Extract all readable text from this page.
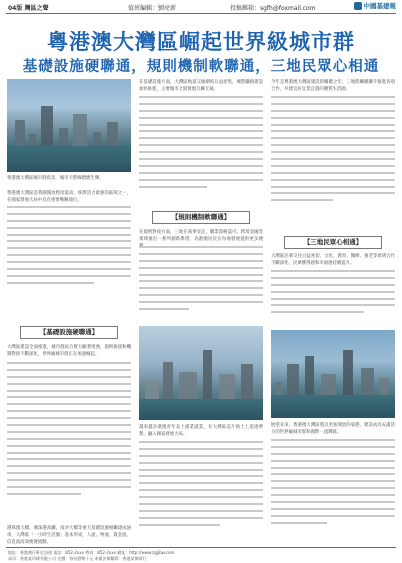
04版 灣區之聲	值班編輯：劉亮新	投稿郵箱：sgfh@foxmail.com	中國基建報
粵港澳大灣區崛起世界級城市群
基礎設施硬聯通，規則機制軟聯通，三地民眾心相通
粵港澳大灣區城市群夜景，城市天際線熠熠生輝。
粵港澳大灣區是我國開放程度最高、經濟活力最強的區域之一，在國家發展大局中具有重要戰略地位。
【基礎設施硬聯通】
大灣區建設全面推進，城市群綜合實力顯著增強，規則銜接和機制對接不斷深化，世界級城市群正在加速崛起。
港珠澳大橋、廣深港高鐵、南沙大橋等重大基礎設施相繼建成通車，大灣區「一小時生活圈」基本形成，人流、物流、資金流、信息流高效便捷流動。
在基礎設施方面，大灣區軌道交通網絡日益密集，城際鐵路建設加快推進，主要城市之間實現互聯互通。
【規則機制軟聯通】
在規則對接方面，三地在商事登記、職業資格認可、跨境金融等領域推出一系列創新舉措，為港澳居民在內地發展提供更多便
越來越多港澳青年北上創業就業，在大灣區這片熱土上追逐夢想，融入國家發展大局。
今年是粵港澳大灣區建設的關鍵之年，三地將繼續攜手推進各項合作，共建宜居宜業宜遊的優質生活圈。
【三地民眾心相通】
大灣區民眾交往日益密切，文化、教育、醫療、養老等領域合作不斷深化，民眾獲得感和幸福感持續提升。
展望未來，粵港澳大灣區將以更加開放的姿態，建設成為充滿活力的世界級城市群和國際一流灣區。
地址：香港灣仔軒尼詩道 電話：852-2xxx 傳真：852-2xxx 網址：http://www.zgjjbw.com
承印：香港某印刷有限公司 定價：每份港幣十元 本報法律顧問：香港某律師行
